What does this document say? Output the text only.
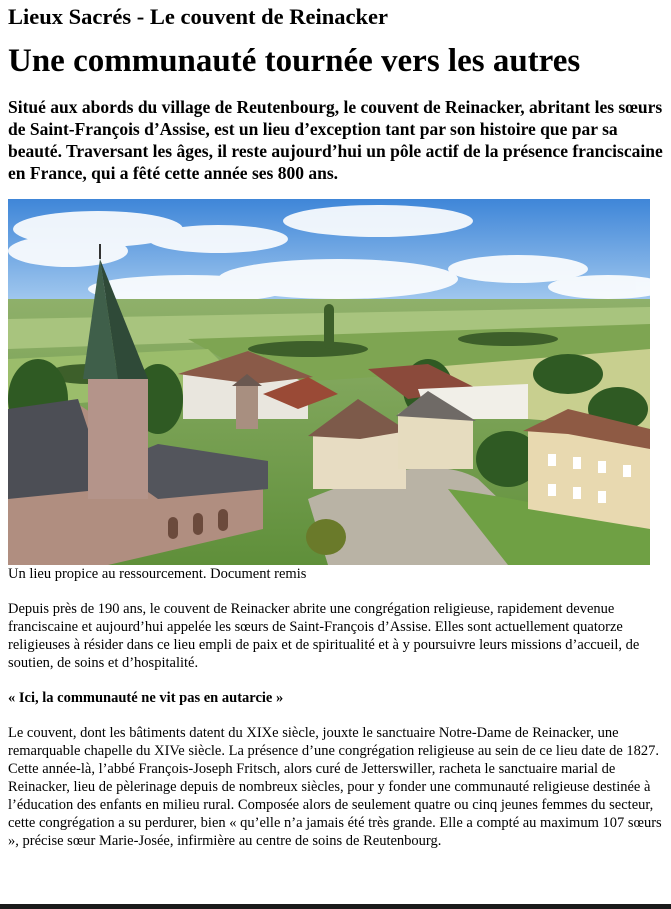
Lieux Sacrés - Le couvent de Reinacker
Une communauté tournée vers les autres

Situé aux abords du village de Reutenbourg, le couvent de Reinacker, abritant les sœurs de Saint-François d’Assise, est un lieu d’exception tant par son histoire que par sa beauté. Traversant les âges, il reste aujourd’hui un pôle actif de la présence franciscaine en France, qui a fêté cette année ses 800 ans.

Un lieu propice au ressourcement. Document remis

Depuis près de 190 ans, le couvent de Reinacker abrite une congrégation religieuse, rapidement devenue franciscaine et aujourd’hui appelée les sœurs de Saint-François d’Assise. Elles sont actuellement quatorze religieuses à résider dans ce lieu empli de paix et de spiritualité et à y poursuivre leurs missions d’accueil, de soutien, de soins et d’hospitalité.

« Ici, la communauté ne vit pas en autarcie »

Le couvent, dont les bâtiments datent du XIXe siècle, jouxte le sanctuaire Notre-Dame de Reinacker, une remarquable chapelle du XIVe siècle. La présence d’une congrégation religieuse au sein de ce lieu date de 1827. Cette année-là, l’abbé François-Joseph Fritsch, alors curé de Jetterswiller, racheta le sanctuaire marial de Reinacker, lieu de pèlerinage depuis de nombreux siècles, pour y fonder une communauté religieuse destinée à l’éducation des enfants en milieu rural. Composée alors de seulement quatre ou cinq jeunes femmes du secteur, cette congrégation a su perdurer, bien « qu’elle n’a jamais été très grande. Elle a compté au maximum 107 sœurs », précise sœur Marie-Josée, infirmière au centre de soins de Reutenbourg.
